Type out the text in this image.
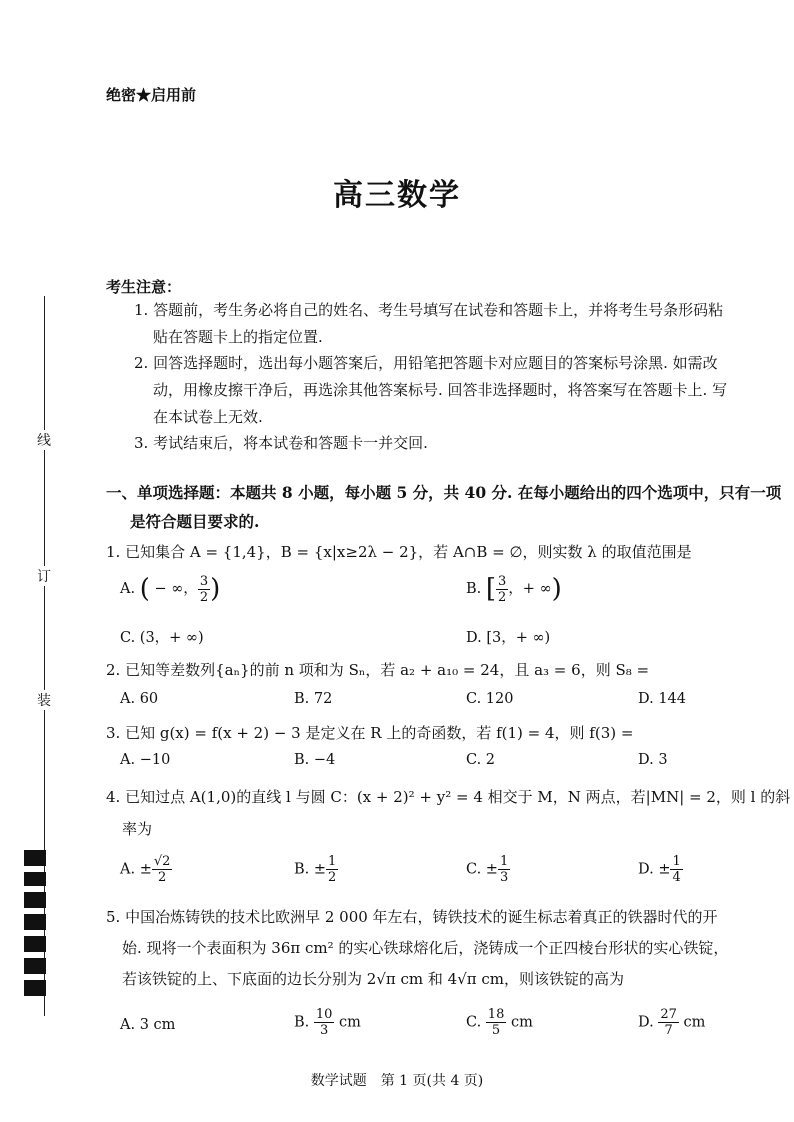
线
订
装
绝密★启用前
高三数学
考生注意：
1. 答题前，考生务必将自己的姓名、考生号填写在试卷和答题卡上，并将考生号条形码粘
贴在答题卡上的指定位置.
2. 回答选择题时，选出每小题答案后，用铅笔把答题卡对应题目的答案标号涂黑. 如需改
动，用橡皮擦干净后，再选涂其他答案标号. 回答非选择题时，将答案写在答题卡上. 写
在本试卷上无效.
3. 考试结束后，将本试卷和答题卡一并交回.
一、单项选择题：本题共 8 小题，每小题 5 分，共 40 分. 在每小题给出的四个选项中，只有一项
是符合题目要求的.
1. 已知集合 A = {1,4}，B = {x|x≥2λ − 2}，若 A∩B = ∅，则实数 λ 的取值范围是
A. ( − ∞， $\frac{3}{2}$ )	B. [ $\frac{3}{2}$ ，+ ∞)
C. (3，+ ∞)	D. [3，+ ∞)
2. 已知等差数列{aₙ}的前 n 项和为 Sₙ，若 a₂ + a₁₀ = 24，且 a₃ = 6，则 S₈ =
A. 60	B. 72	C. 120	D. 144
3. 已知 g(x) = f(x + 2) − 3 是定义在 R 上的奇函数，若 f(1) = 4，则 f(3) =
A. −10	B. −4	C. 2	D. 3
4. 已知过点 A(1,0)的直线 l 与圆 C：(x + 2)² + y² = 4 相交于 M，N 两点，若|MN| = 2，则 l 的斜
率为
A. ± $\frac{√2}{2}$	B. ± $\frac{1}{2}$	C. ± $\frac{1}{3}$	D. ± $\frac{1}{4}$
5. 中国冶炼铸铁的技术比欧洲早 2 000 年左右，铸铁技术的诞生标志着真正的铁器时代的开
始. 现将一个表面积为 36π cm² 的实心铁球熔化后，浇铸成一个正四棱台形状的实心铁锭，
若该铁锭的上、下底面的边长分别为 2√π cm 和 4√π cm，则该铁锭的高为
A. 3 cm	B. $\frac{10}{3}$ cm	C. $\frac{18}{5}$ cm	D. $\frac{27}{7}$ cm
数学试题　第 1 页(共 4 页)
